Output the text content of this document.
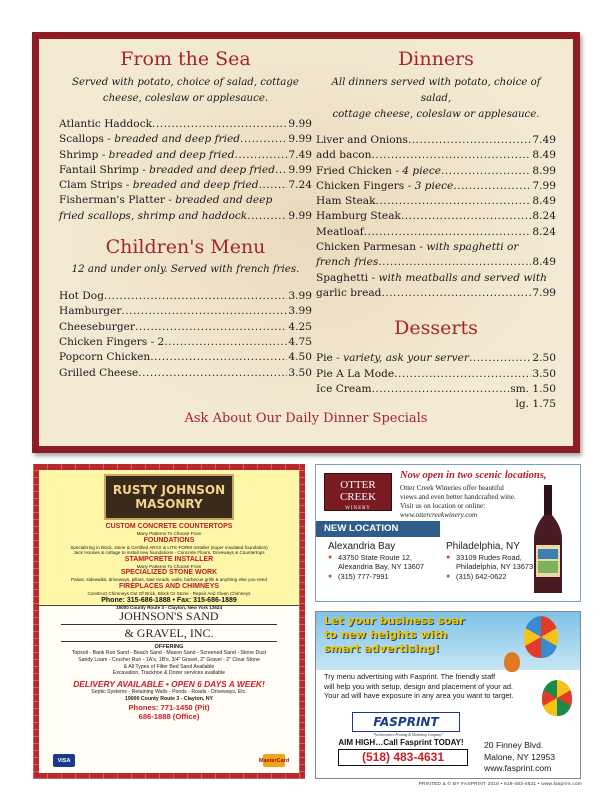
From the Sea
Served with potato, choice of salad, cottage
cheese, coleslaw or applesauce.
Atlantic Haddock .....	9.99
Scallops - breaded and deep fried .....	9.99
Shrimp - breaded and deep fried .....	7.49
Fantail Shrimp - breaded and deep fried ..... 9.99
Clam Strips - breaded and deep fried .....	7.24
Fisherman's Platter - breaded and deep
fried scallops, shrimp and haddock .....	9.99
Children's Menu
12 and under only. Served with french fries.
Hot Dog .....	3.99
Hamburger .....	3.99
Cheeseburger .....	4.25
Chicken Fingers - 2 .....	4.75
Popcorn Chicken .....	4.50
Grilled Cheese .....	3.50
Dinners
All dinners served with potato, choice of salad,
cottage cheese, coleslaw or applesauce.
Liver and Onions .....	7.49
add bacon .....	8.49
Fried Chicken - 4 piece .....	8.99
Chicken Fingers - 3 piece .....	7.99
Ham Steak .....	8.49
Hamburg Steak .....	8.24
Meatloaf .....	8.24
Chicken Parmesan - with spaghetti or
french fries .....	8.49
Spaghetti - with meatballs and served with
garlic bread .....	7.99
Desserts
Pie - variety, ask your server .....	2.50
Pie A La Mode .....	3.50
Ice Cream .....	sm. 1.50
lg. 1.75
Ask About Our Daily Dinner Specials
RUSTY JOHNSON
MASONRY
CUSTOM CONCRETE COUNTERTOPS
Many Patterns To Choose From
FOUNDATIONS
Specializing in block, stone & Certified ARXX & LITE-FORM Installer (super insulated foundation)
Jack Houses & cottage to install new foundations - Concrete Floors, Driveways & Countertops
STAMPCRETE INSTALLER
Many Patterns To Choose From
SPECIALIZED STONE WORK
Patios, sidewalks, driveways, pillars, stair treads, walls, barbecue grills & anything else you need
FIREPLACES AND CHIMNEYS
Construct Chimneys Out Of Brick, Block Or Stone - Repair And Clean Chimneys
Phone: 315-686-1888 • Fax: 315-686-1889
19000 County Route 3 - Clayton, New York 13624
JOHNSON'S SAND
& GRAVEL, INC.
OFFERING
Topsoil - Bank Run Sand - Beach Sand - Mason Sand - Screened Sand - Stone Dust
Sandy Loam - Crusher Run - 1A's, 1B's, 3/4" Gravel, 2" Gravel - 2" Clear Stone
& All Types of Filter Bed Sand Available
Excavation, Trackhoe & Dozer services available
DELIVERY AVAILABLE • OPEN 6 DAYS A WEEK!
Septic Systems - Retaining Walls - Ponds - Roads - Driveways, Etc.
19000 County Route 3 - Clayton, NY
Phones: 771-1450 (Pit)
686-1888 (Office)
VISA	MasterCard
OTTER
CREEK
WINERY
Now open in two scenic locations,
Otter Creek Wineries offer beautiful
views and even better handcrafted wine.
Visit us on location or online:
www.ottercreekwinery.com
NEW LOCATION
Alexandria Bay
● 43750 State Route 12,
Alexandria Bay, NY 13607
● (315) 777-7991
Philadelphia, NY
● 33109 Rudes Road,
Philadelphia, NY 13673
● (315) 642-0622
Let your business soar
to new heights with
smart advertising!
Try menu advertising with Fasprint. The friendly staff
will help you with setup, design and placement of your ad.
Your ad will have exposure in any area you want to target.
FASPRINT
"An Innovative Printing & Marketing Company"
AIM HIGH…Call Fasprint TODAY!
(518) 483-4631
20 Finney Blvd.
Malone, NY 12953
www.fasprint.com
PRINTED & © BY FASPRINT 2018 • 518-483-4631 • www.fasprint.com
